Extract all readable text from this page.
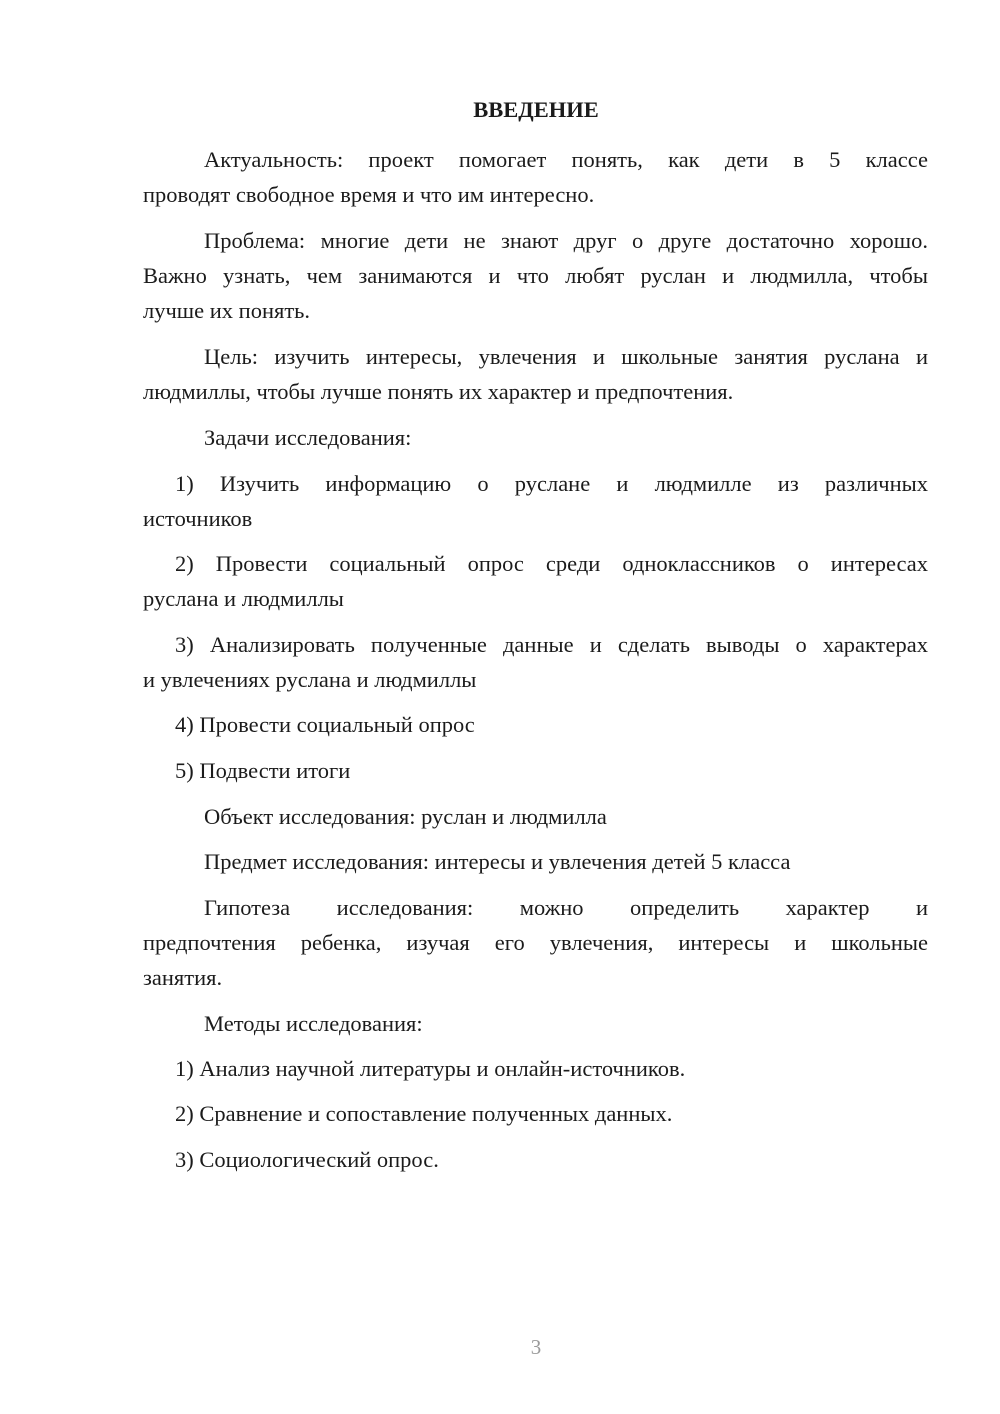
ВВЕДЕНИЕ
Актуальность: проект помогает понять, как дети в 5 классе
проводят свободное время и что им интересно.
Проблема: многие дети не знают друг о друге достаточно хорошо.
Важно узнать, чем занимаются и что любят руслан и людмилла, чтобы
лучше их понять.
Цель: изучить интересы, увлечения и школьные занятия руслана и
людмиллы, чтобы лучше понять их характер и предпочтения.
Задачи исследования:
1) Изучить информацию о руслане и людмилле из различных
источников
2) Провести социальный опрос среди одноклассников о интересах
руслана и людмиллы
3) Анализировать полученные данные и сделать выводы о характерах
и увлечениях руслана и людмиллы
4) Провести социальный опрос
5) Подвести итоги
Объект исследования: руслан и людмилла
Предмет исследования: интересы и увлечения детей 5 класса
Гипотеза исследования: можно определить характер и
предпочтения ребенка, изучая его увлечения, интересы и школьные
занятия.
Методы исследования:
1) Анализ научной литературы и онлайн-источников.
2) Сравнение и сопоставление полученных данных.
3) Социологический опрос.
3
